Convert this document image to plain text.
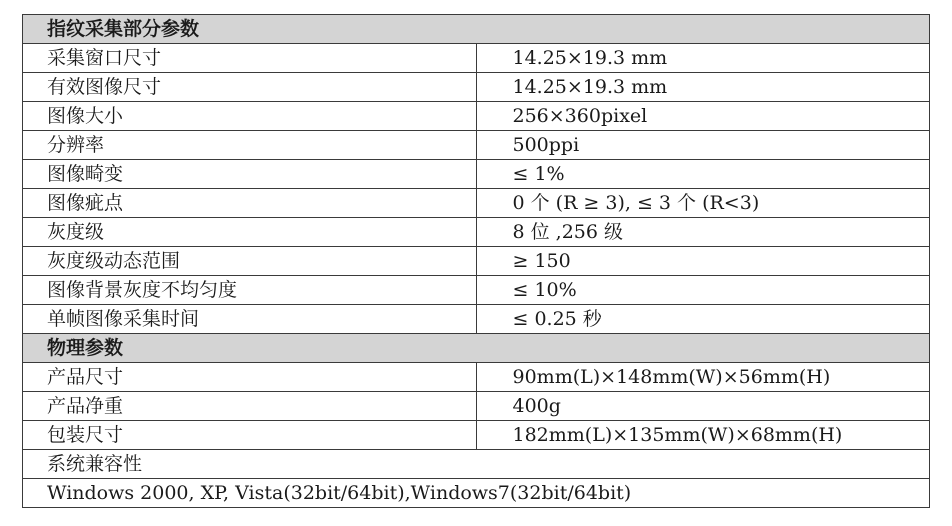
指纹采集部分参数	
采集窗口尺寸	14.25×19.3 mm
有效图像尺寸	14.25×19.3 mm
图像大小	256×360pixel
分辨率	500ppi
图像畸变	≤ 1%
图像疵点	0 个 (R ≥ 3), ≤ 3 个 (R<3)
灰度级	8 位 ,256 级
灰度级动态范围	≥ 150
图像背景灰度不均匀度	≤ 10%
单帧图像采集时间	≤ 0.25 秒
物理参数	
产品尺寸	90mm(L)×148mm(W)×56mm(H)
产品净重	400g
包装尺寸	182mm(L)×135mm(W)×68mm(H)
系统兼容性	
Windows 2000, XP, Vista(32bit/64bit),Windows7(32bit/64bit)	
